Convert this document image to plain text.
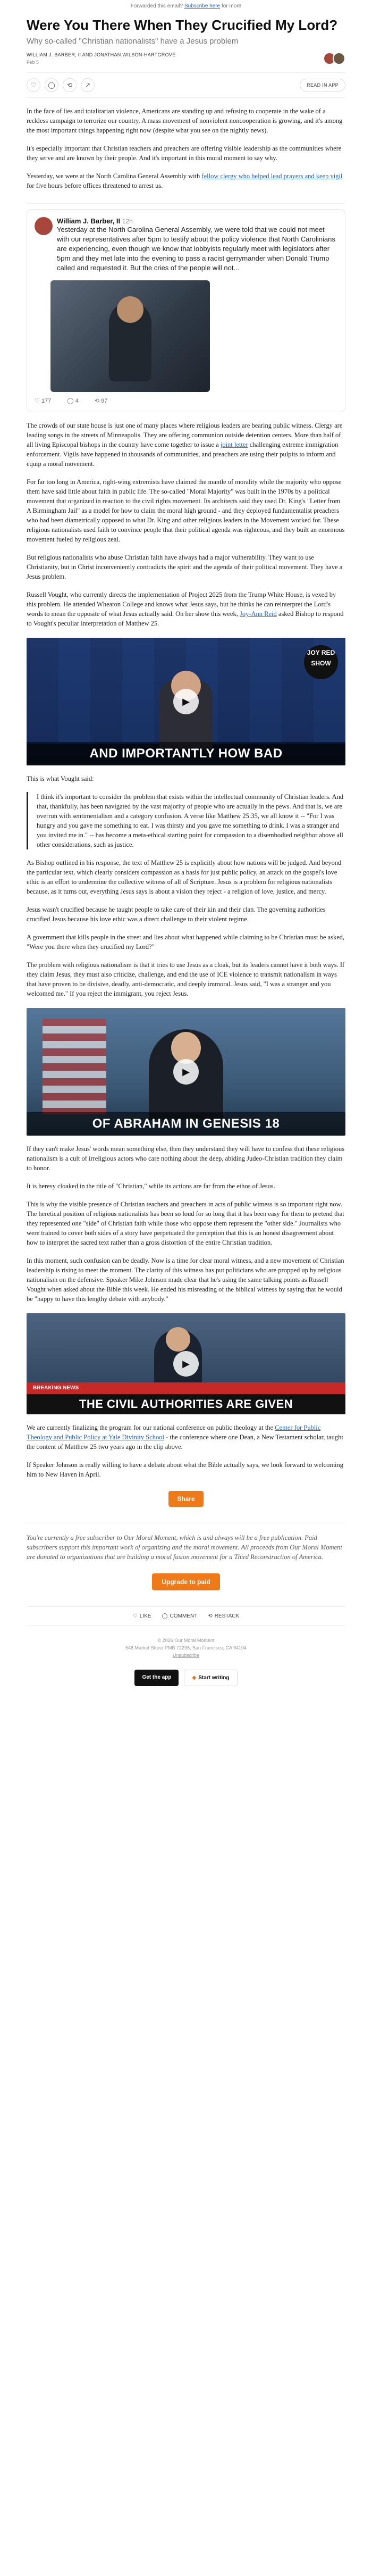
Forwarded this email? Subscribe here for more
Were You There When They Crucified My Lord?
Why so-called "Christian nationalists" have a Jesus problem
WILLIAM J. BARBER, II AND JONATHAN WILSON-HARTGROVE
Feb 5
♡	◯	⟲	↗	READ IN APP

In the face of lies and totalitarian violence, Americans are standing up and refusing to cooperate in the wake of a reckless campaign to terrorize our country. A mass movement of nonviolent noncooperation is growing, and it's among the most important things happening right now (despite what you see on the nightly news).

It's especially important that Christian teachers and preachers are offering visible leadership as the communities where they serve and are known by their people. And it's important in this moral moment to say why.

Yesterday, we were at the North Carolina General Assembly with fellow clergy who helped lead prayers and keep vigil for five hours before offices threatened to arrest us.

William J. Barber, II 12h
Yesterday at the North Carolina General Assembly, we were told that we could not meet with our representatives after 5pm to testify about the policy violence that North Carolinians are experiencing, even though we know that lobbyists regularly meet with legislators after 5pm and they met late into the evening to pass a racist gerrymander when Donald Trump called and requested it. But the cries of the people will not...
♡ 177	◯ 4	⟲ 97

The crowds of our state house is just one of many places where religious leaders are bearing public witness. Clergy are leading songs in the streets of Minneapolis. They are offering communion outside detention centers. More than half of all living Episcopal bishops in the country have come together to issue a joint letter challenging extreme immigration enforcement. Vigils have happened in thousands of communities, and preachers are using their pulpits to inform and equip a moral movement.

For far too long in America, right-wing extremists have claimed the mantle of morality while the majority who oppose them have said little about faith in public life. The so-called "Moral Majority" was built in the 1970s by a political movement that organized in reaction to the civil rights movement. Its architects said they used Dr. King's "Letter from A Birmingham Jail" as a model for how to claim the moral high ground - and they deployed fundamentalist preachers who had been diametrically opposed to what Dr. King and other religious leaders in the Movement worked for. These religious nationalists used faith to convince people that their political agenda was righteous, and they built an enormous movement fueled by religious zeal.

But religious nationalists who abuse Christian faith have always had a major vulnerability. They want to use Christianity, but in Christ inconveniently contradicts the spirit and the agenda of their political movement. They have a Jesus problem.

Russell Vought, who currently directs the implementation of Project 2025 from the Trump White House, is vexed by this problem. He attended Wheaton College and knows what Jesus says, but he thinks he can reinterpret the Lord's words to mean the opposite of what Jesus actually said. On her show this week, Joy-Ann Reid asked Bishop to respond to Vought's peculiar interpretation of Matthew 25.

JOY RED SHOW
▶
AND IMPORTANTLY HOW BAD

This is what Vought said:

I think it's important to consider the problem that exists within the intellectual community of Christian leaders. And that, thankfully, has been navigated by the vast majority of people who are actually in the pews. And that is, we are overrun with sentimentalism and a category confusion. A verse like Matthew 25:35, we all know it -- "For I was hungry and you gave me something to eat. I was thirsty and you gave me something to drink. I was a stranger and you invited me in." -- has become a meta-ethical starting point for compassion to a disembodied neighbor above all other considerations, such as justice.

As Bishop outlined in his response, the text of Matthew 25 is explicitly about how nations will be judged. And beyond the particular text, which clearly considers compassion as a basis for just public policy, an attack on the gospel's love ethic is an effort to undermine the collective witness of all of Scripture. Jesus is a problem for religious nationalists because, as it turns out, everything Jesus says is about a vision they reject - a religion of love, justice, and mercy.

Jesus wasn't crucified because he taught people to take care of their kin and their clan. The governing authorities crucified Jesus because his love ethic was a direct challenge to their violent regime.

A government that kills people in the street and lies about what happened while claiming to be Christian must be asked, "Were you there when they crucified my Lord?"

The problem with religious nationalism is that it tries to use Jesus as a cloak, but its leaders cannot have it both ways. If they claim Jesus, they must also criticize, challenge, and end the use of ICE violence to transmit nationalism in ways that have proven to be divisive, deadly, anti-democratic, and deeply immoral. Jesus said, "I was a stranger and you welcomed me." If you reject the immigrant, you reject Jesus.

▶
OF ABRAHAM IN GENESIS 18

If they can't make Jesus' words mean something else, then they understand they will have to confess that these religious nationalism is a cult of irreligious actors who care nothing about the deep, abiding Judeo-Christian tradition they claim to honor.

It is heresy cloaked in the title of "Christian," while its actions are far from the ethos of Jesus.

This is why the visible presence of Christian teachers and preachers in acts of public witness is so important right now. The heretical position of religious nationalists has been so loud for so long that it has been easy for them to pretend that they represented one "side" of Christian faith while those who oppose them represent the "other side." Journalists who were trained to cover both sides of a story have perpetuated the perception that this is an honest disagreement about how to interpret the sacred text rather than a gross distortion of the entire Christian tradition.

In this moment, such confusion can be deadly. Now is a time for clear moral witness, and a new movement of Christian leadership is rising to meet the moment. The clarity of this witness has put politicians who are propped up by religious nationalism on the defensive. Speaker Mike Johnson made clear that he's using the same talking points as Russell Vought when asked about the Bible this week. He ended his misreading of the biblical witness by saying that he would be "happy to have this lengthy debate with anybody."

▶
BREAKING NEWS
THE CIVIL AUTHORITIES ARE GIVEN

We are currently finalizing the program for our national conference on public theology at the Center for Public Theology and Public Policy at Yale Divinity School - the conference where one Dean, a New Testament scholar, taught the content of Matthew 25 two years ago in the clip above.

If Speaker Johnson is really willing to have a debate about what the Bible actually says, we look forward to welcoming him to New Haven in April.

Share

You're currently a free subscriber to Our Moral Moment, which is and always will be a free publication. Paid subscribers support this important work of organizing and the moral movement. All proceeds from Our Moral Moment are donated to organizations that are building a moral fusion movement for a Third Reconstruction of America.

Upgrade to paid
♡ LIKE ◯ COMMENT ⟲ RESTACK
© 2026 Our Moral Moment
548 Market Street PMB 72296, San Francisco, CA 94104
Unsubscribe
Get the app	◆ Start writing
